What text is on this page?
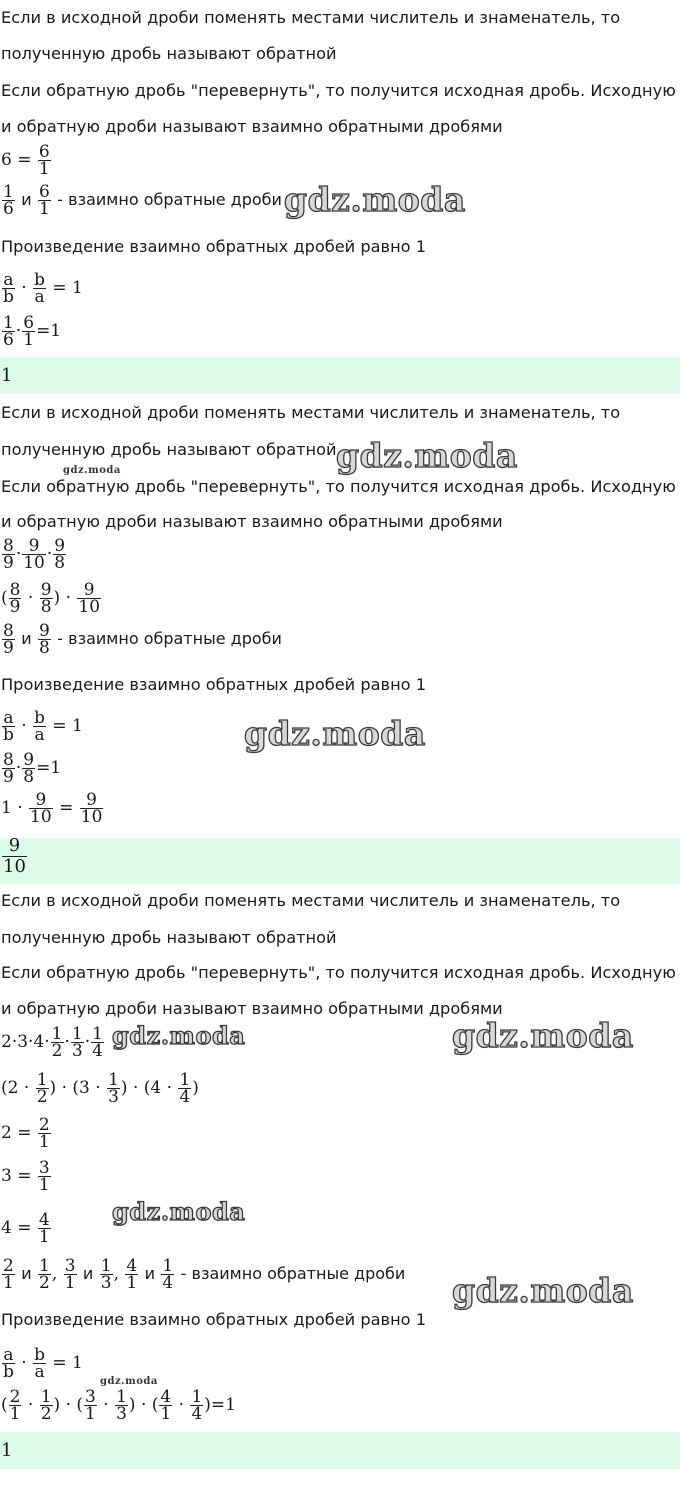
Если в исходной дроби поменять местами числитель и знаменатель, то
полученную дробь называют обратной
Если обратную дробь "перевернуть", то получится исходная дробь. Исходную
и обратную дроби называют взаимно обратными дробями
$6 = \frac{6}{1}$
$\frac{1}{6}$ и $\frac{6}{1}$ - взаимно обратные дроби gdz.moda
Произведение взаимно обратных дробей равно 1
$\frac{a}{b} \cdot \frac{b}{a} = 1$
$\frac{1}{6} \cdot \frac{6}{1} =1$
1
Если в исходной дроби поменять местами числитель и знаменатель, то
полученную дробь называют обратной gdz.moda
gdz.moda
Если обратную дробь "перевернуть", то получится исходная дробь. Исходную
и обратную дроби называют взаимно обратными дробями
$\frac{8}{9} \cdot \frac{9}{10} \cdot \frac{9}{8}$
( $\frac{8}{9} \cdot \frac{9}{8}$ ) · $\frac{9}{10}$
$\frac{8}{9}$ и $\frac{9}{8}$ - взаимно обратные дроби
Произведение взаимно обратных дробей равно 1
$\frac{a}{b} \cdot \frac{b}{a} = 1$	gdz.moda
$\frac{8}{9} \cdot \frac{9}{8} =1$
$1 \cdot \frac{9}{10} = \frac{9}{10}$
$\frac{9}{10}$
Если в исходной дроби поменять местами числитель и знаменатель, то
полученную дробь называют обратной
Если обратную дробь "перевернуть", то получится исходная дробь. Исходную
и обратную дроби называют взаимно обратными дробями
$2\cdot 3\cdot 4\cdot \frac{1}{2} \cdot \frac{1}{3} \cdot \frac{1}{4}$ gdz.moda	gdz.moda
($2 \cdot \frac{1}{2}$ ) · ($3 \cdot \frac{1}{3}$ ) · ($4 \cdot \frac{1}{4}$ )
$2 = \frac{2}{1}$
$3 = \frac{3}{1}$
gdz.moda
$4 = \frac{4}{1}$
$\frac{2}{1}$ и $\frac{1}{2}$ , $\frac{3}{1}$ и $\frac{1}{3}$ , $\frac{4}{1}$ и $\frac{1}{4}$ - взаимно обратные дроби gdz.moda
Произведение взаимно обратных дробей равно 1
$\frac{a}{b} \cdot \frac{b}{a} = 1$
gdz.moda
( $\frac{2}{1} \cdot \frac{1}{2}$ ) · ( $\frac{3}{1} \cdot \frac{1}{3}$ ) · ( $\frac{4}{1} \cdot \frac{1}{4} )=1$
1
